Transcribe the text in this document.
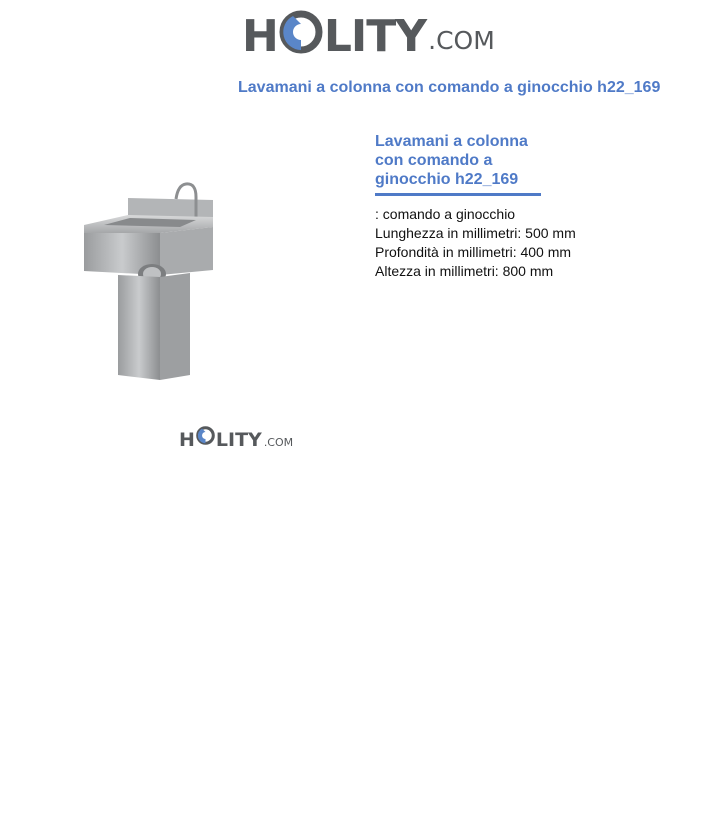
H LITY .COM
Lavamani a colonna con comando a ginocchio h22_169
H LITY .COM
Lavamani a colonna con comando a ginocchio h22_169
: comando a ginocchio
Lunghezza in millimetri: 500 mm
Profondità in millimetri: 400 mm
Altezza in millimetri: 800 mm
